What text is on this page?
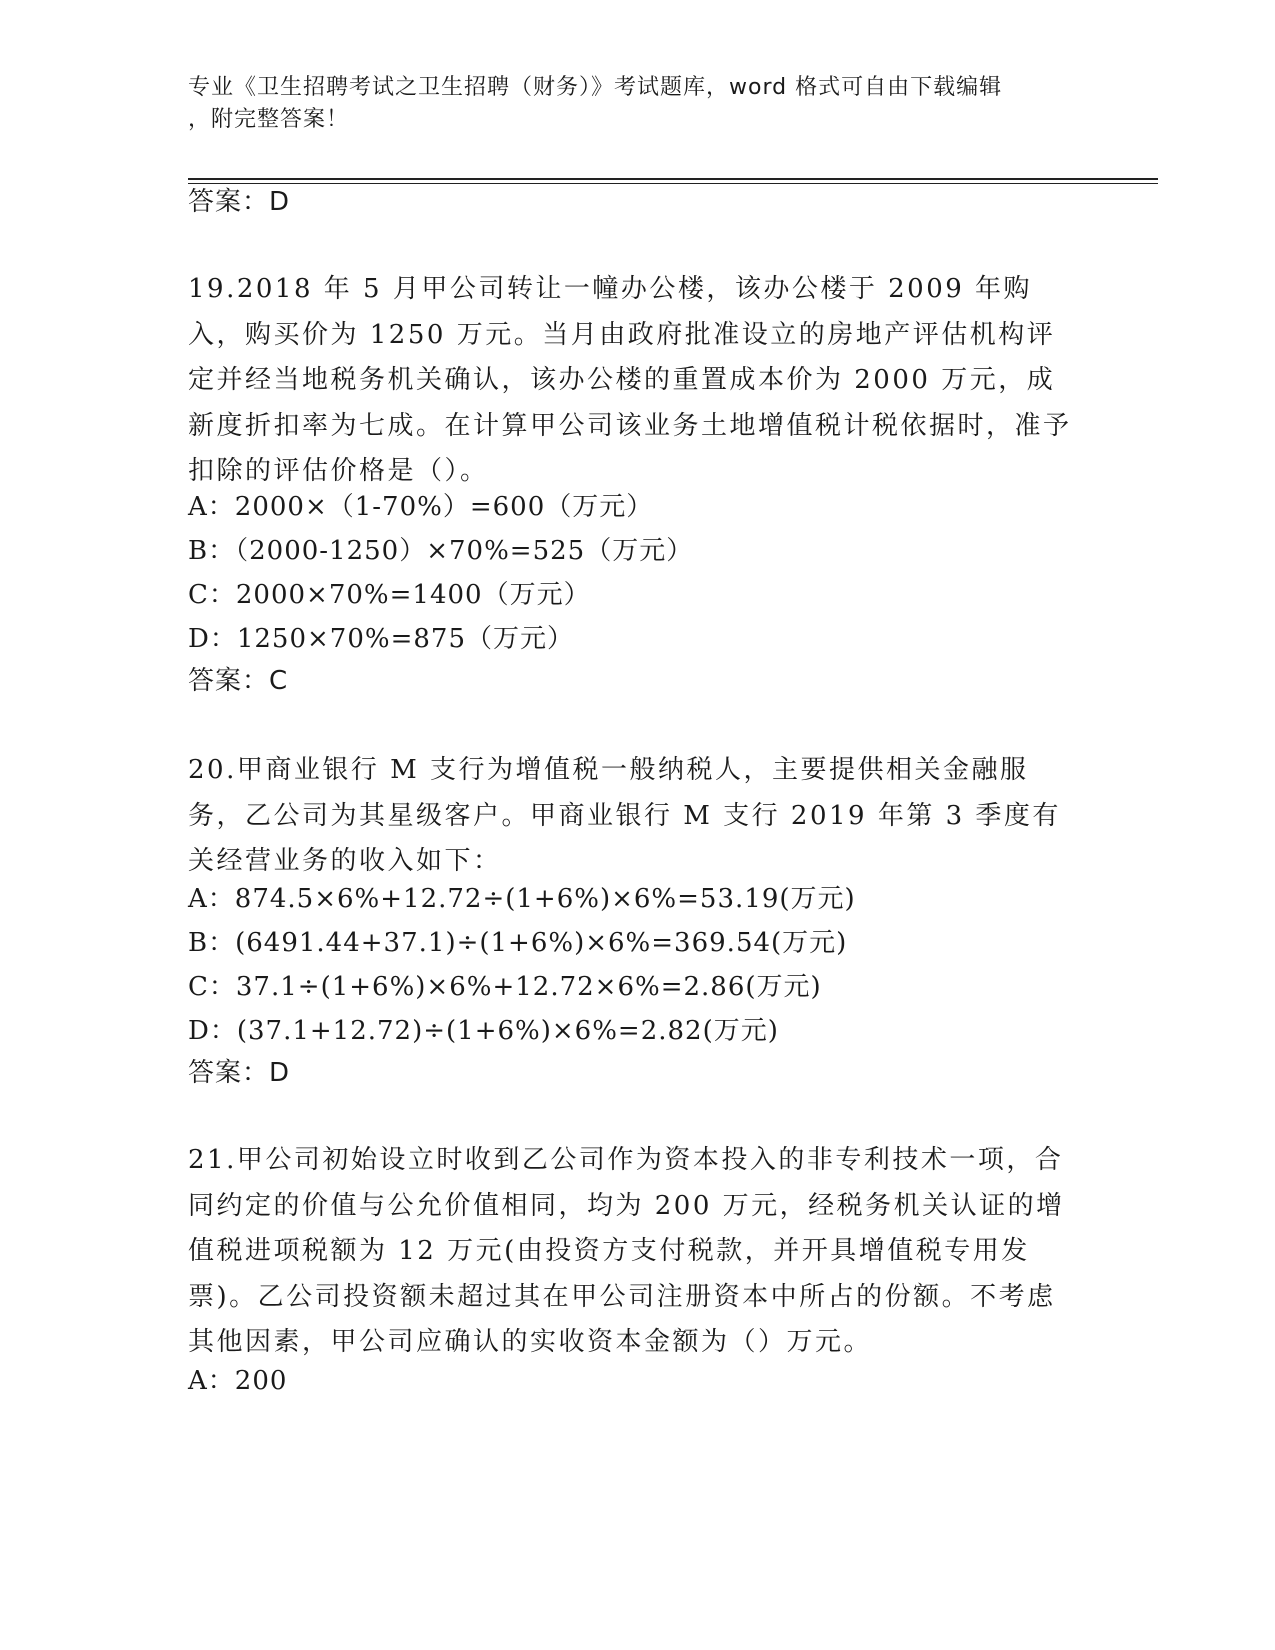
专业《卫生招聘考试之卫生招聘（财务）》考试题库，word 格式可自由下载编辑
，附完整答案！
答案：D
19.2018 年 5 月甲公司转让一幢办公楼，该办公楼于 2009 年购入，购买价为 1250 万元。当月由政府批准设立的房地产评估机构评定并经当地税务机关确认，该办公楼的重置成本价为 2000 万元，成新度折扣率为七成。在计算甲公司该业务土地增值税计税依据时，准予扣除的评估价格是（）。
A：2000×（1-70%）=600（万元）
B：（2000-1250）×70%=525（万元）
C：2000×70%=1400（万元）
D：1250×70%=875（万元）
答案：C
20.甲商业银行 M 支行为增值税一般纳税人，主要提供相关金融服务，乙公司为其星级客户。甲商业银行 M 支行 2019 年第 3 季度有关经营业务的收入如下：
A：874.5×6%+12.72÷(1+6%)×6%=53.19(万元)
B：(6491.44+37.1)÷(1+6%)×6%=369.54(万元)
C：37.1÷(1+6%)×6%+12.72×6%=2.86(万元)
D：(37.1+12.72)÷(1+6%)×6%=2.82(万元)
答案：D
21.甲公司初始设立时收到乙公司作为资本投入的非专利技术一项，合同约定的价值与公允价值相同，均为 200 万元，经税务机关认证的增值税进项税额为 12 万元(由投资方支付税款，并开具增值税专用发票)。乙公司投资额未超过其在甲公司注册资本中所占的份额。不考虑其他因素，甲公司应确认的实收资本金额为（）万元。
A：200
